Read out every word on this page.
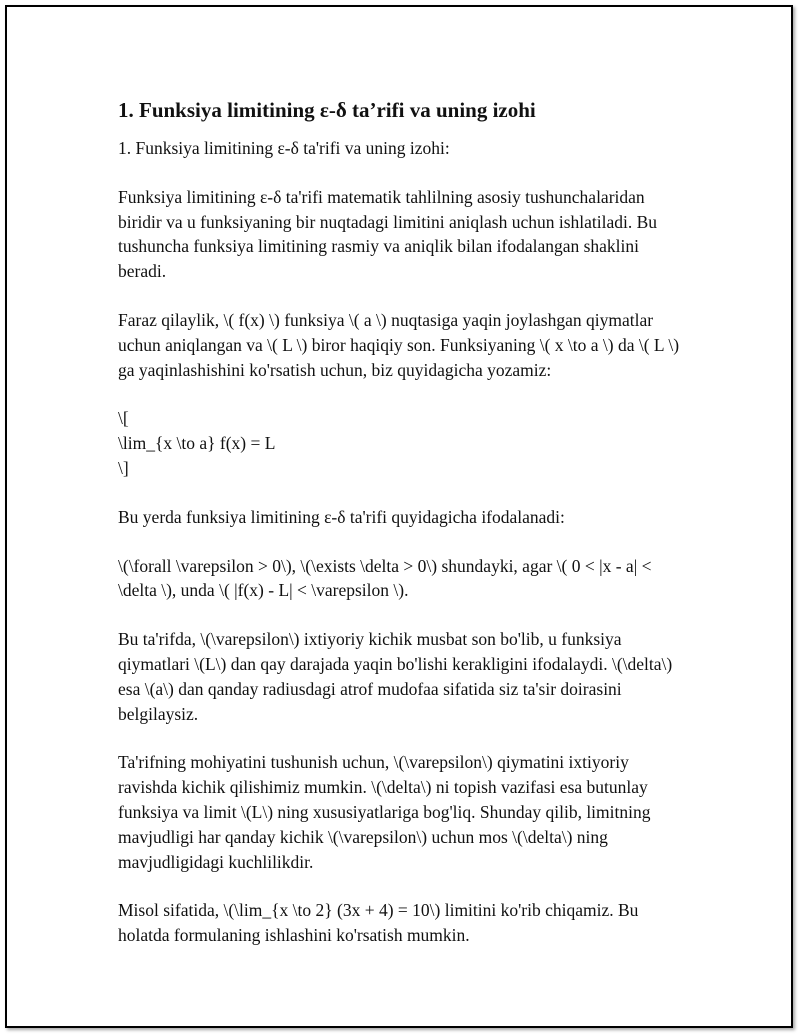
1. Funksiya limitining ε-δ ta’rifi va uning izohi

1. Funksiya limitining ε-δ ta'rifi va uning izohi:

Funksiya limitining ε-δ ta'rifi matematik tahlilning asosiy tushunchalaridan biridir va u funksiyaning bir nuqtadagi limitini aniqlash uchun ishlatiladi. Bu tushuncha funksiya limitining rasmiy va aniqlik bilan ifodalangan shaklini beradi.

Faraz qilaylik, \( f(x) \) funksiya \( a \) nuqtasiga yaqin joylashgan qiymatlar uchun aniqlangan va \( L \) biror haqiqiy son. Funksiyaning \( x \to a \) da \( L \) ga yaqinlashishini ko'rsatish uchun, biz quyidagicha yozamiz:

\[
\lim_{x \to a} f(x) = L
\]

Bu yerda funksiya limitining ε-δ ta'rifi quyidagicha ifodalanadi:

\(\forall \varepsilon > 0\), \(\exists \delta > 0\) shundayki, agar \( 0 < |x - a| < \delta \), unda \( |f(x) - L| < \varepsilon \).

Bu ta'rifda, \(\varepsilon\) ixtiyoriy kichik musbat son bo'lib, u funksiya qiymatlari \(L\) dan qay darajada yaqin bo'lishi kerakligini ifodalaydi. \(\delta\) esa \(a\) dan qanday radiusdagi atrof mudofaa sifatida siz ta'sir doirasini belgilaysiz.

Ta'rifning mohiyatini tushunish uchun, \(\varepsilon\) qiymatini ixtiyoriy ravishda kichik qilishimiz mumkin. \(\delta\) ni topish vazifasi esa butunlay funksiya va limit \(L\) ning xususiyatlariga bog'liq. Shunday qilib, limitning mavjudligi har qanday kichik \(\varepsilon\) uchun mos \(\delta\) ning mavjudligidagi kuchlilikdir.

Misol sifatida, \(\lim_{x \to 2} (3x + 4) = 10\) limitini ko'rib chiqamiz. Bu holatda formulaning ishlashini ko'rsatish mumkin.
